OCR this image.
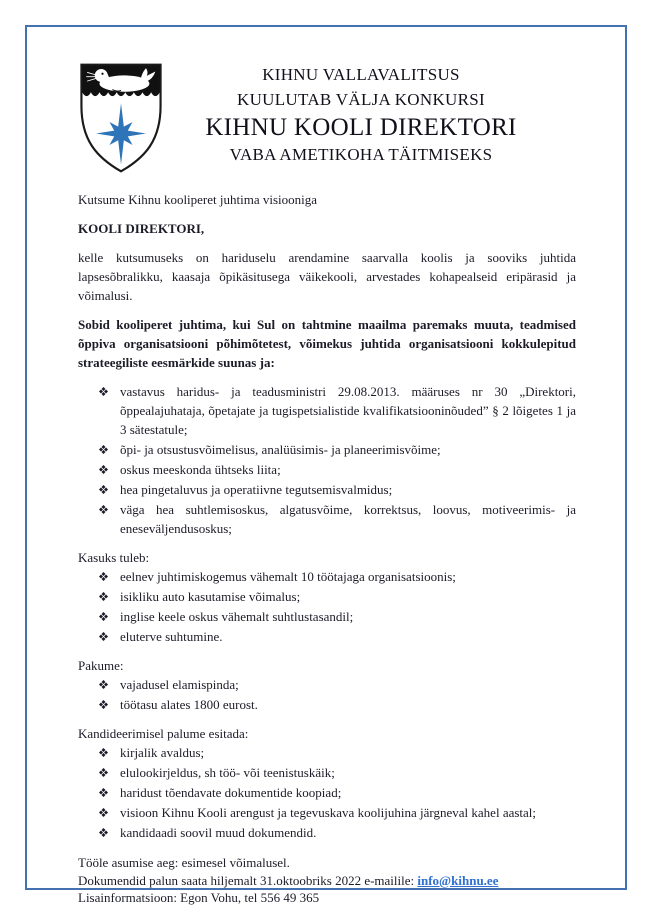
KIHNU VALLAVALITSUS
KUULUTAB VÄLJA KONKURSI
KIHNU KOOLI DIREKTORI
VABA AMETIKOHA TÄITMISEKS

Kutsume Kihnu kooliperet juhtima visiooniga

KOOLI DIREKTORI,

kelle kutsumuseks on hariduselu arendamine saarvalla koolis ja sooviks juhtida lapsesõbralikku, kaasaja õpikäsitusega väikekooli, arvestades kohapealseid eripärasid ja võimalusi.

Sobid kooliperet juhtima, kui Sul on tahtmine maailma paremaks muuta, teadmised õppiva organisatsiooni põhimõtetest, võimekus juhtida organisatsiooni kokkulepitud strateegiliste eesmärkide suunas ja:

vastavus haridus- ja teadusministri 29.08.2013. määruses nr 30 „Direktori, õppealajuhataja, õpetajate ja tugispetsialistide kvalifikatsiooninõuded” § 2 lõigetes 1 ja 3 sätestatule;
õpi- ja otsustusvõimelisus, analüüsimis- ja planeerimisvõime;
oskus meeskonda ühtseks liita;
hea pingetaluvus ja operatiivne tegutsemisvalmidus;
väga hea suhtlemisoskus, algatusvõime, korrektsus, loovus, motiveerimis- ja eneseväljendusoskus;

Kasuks tuleb:

eelnev juhtimiskogemus vähemalt 10 töötajaga organisatsioonis;
isikliku auto kasutamise võimalus;
inglise keele oskus vähemalt suhtlustasandil;
eluterve suhtumine.

Pakume:

vajadusel elamispinda;
töötasu alates 1800 eurost.

Kandideerimisel palume esitada:

kirjalik avaldus;
elulookirjeldus, sh töö- või teenistuskäik;
haridust tõendavate dokumentide koopiad;
visioon Kihnu Kooli arengust ja tegevuskava koolijuhina järgneval kahel aastal;
kandidaadi soovil muud dokumendid.
Tööle asumise aeg: esimesel võimalusel.
Dokumendid palun saata hiljemalt 31.oktoobriks 2022 e-mailile: info@kihnu.ee
Lisainformatsioon: Egon Vohu, tel 556 49 365
